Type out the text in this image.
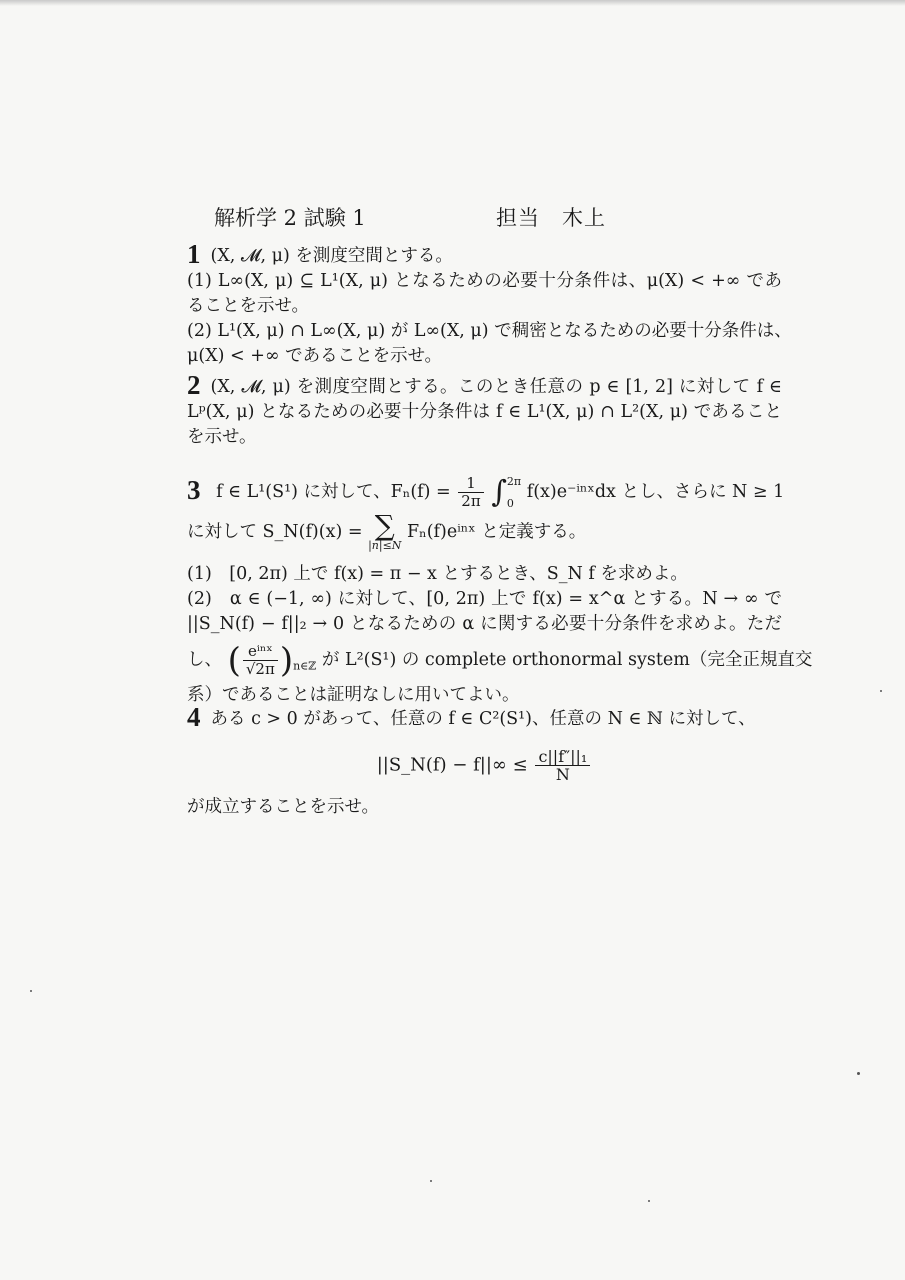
解析学 2 試験 1	担当　木上
1 (X, 𝓜, μ) を測度空間とする。
(1) L∞(X, μ) ⊆ L¹(X, μ) となるための必要十分条件は、μ(X) < +∞ であ
ることを示せ。
(2) L¹(X, μ) ∩ L∞(X, μ) が L∞(X, μ) で稠密となるための必要十分条件は、
μ(X) < +∞ であることを示せ。
2 (X, 𝓜, μ) を測度空間とする。このとき任意の p ∈ [1, 2] に対して f ∈
Lᵖ(X, μ) となるための必要十分条件は f ∈ L¹(X, μ) ∩ L²(X, μ) であること
を示せ。
3 f ∈ L¹(S¹) に対して、$F_n(f) = \frac{1}{2\pi}$ ∫ 2π
0
f(x)e⁻ⁱⁿˣdx とし、さらに N ≥ 1
に対して S_N(f)(x) = ∑
|n|≤N
Fₙ(f)eⁱⁿˣ と定義する。
(1)　[0, 2π) 上で f(x) = π − x とするとき、S_N f を求めよ。
(2)　α ∈ (−1, ∞) に対して、[0, 2π) 上で f(x) = x^α とする。N → ∞ で
||S_N(f) − f||₂ → 0 となるための α に関する必要十分条件を求めよ。ただ
し、 ( $\frac{\text{eⁱⁿˣ}}{√2\pi} )_{n\in ℤ}$ が L²(S¹) の complete orthonormal system（完全正規直交
系）であることは証明なしに用いてよい。
4 ある c > 0 があって、任意の f ∈ C²(S¹)、任意の N ∈ ℕ に対して、
||S_N(f) − $f||\infty \le \frac{\text{c||f″||₁}}{N}$
が成立することを示せ。
